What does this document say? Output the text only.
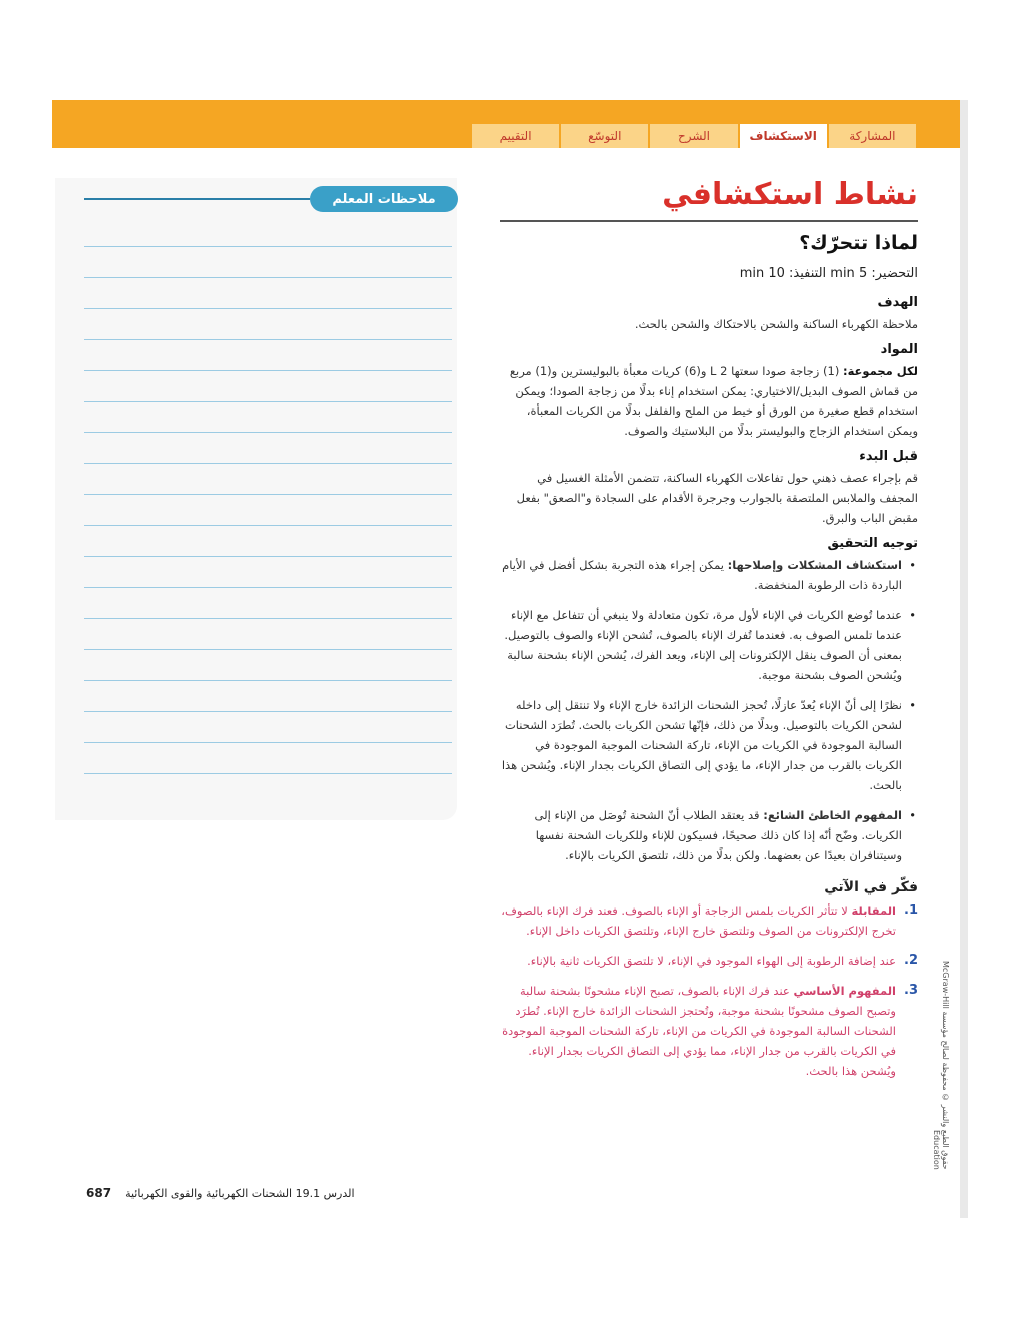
المشاركة
الاستكشاف
الشرح
التوسّع
التقييم
ملاحظات المعلم	نشاط استكشافي
لماذا تتحرّك؟
التحضير: 5 min التنفيذ: 10 min
الهدف

ملاحظة الكهرباء الساكنة والشحن بالاحتكاك والشحن بالحث.

المواد

لكل مجموعة: (1) زجاجة صودا سعتها 2 L و(6) كريات معبأة بالبوليسترين و(1) مربع من قماش الصوف البديل/الاختياري: يمكن استخدام إناء بدلًا من زجاجة الصودا؛ ويمكن استخدام قطع صغيرة من الورق أو خيط من الملح والفلفل بدلًا من الكريات المعبأة، ويمكن استخدام الزجاج والبوليستر بدلًا من البلاستيك والصوف.

قبل البدء

قم بإجراء عصف ذهني حول تفاعلات الكهرباء الساكنة، تتضمن الأمثلة الغسيل في المجفف والملابس الملتصقة بالجوارب وجرجرة الأقدام على السجادة و"الصعق" بفعل مقبض الباب والبرق.

توجيه التحقيق
• استكشاف المشكلات وإصلاحها: يمكن إجراء هذه التجربة بشكل أفضل في الأيام الباردة ذات الرطوبة المنخفضة.
• عندما تُوضع الكريات في الإناء لأول مرة، تكون متعادلة ولا ينبغي أن تتفاعل مع الإناء عندما تلمس الصوف به. فعندما تُفرك الإناء بالصوف، تُشحن الإناء والصوف بالتوصيل. بمعنى أن الصوف ينقل الإلكترونات إلى الإناء، ويعد الفرك، يُشحن الإناء بشحنة سالبة ويُشحن الصوف بشحنة موجبة.
• نظرًا إلى أنّ الإناء يُعدّ عازلًا، تُحجز الشحنات الزائدة خارج الإناء ولا تنتقل إلى داخله لشحن الكريات بالتوصيل. وبدلًا من ذلك، فإنّها تشحن الكريات بالحث. تُطرَد الشحنات السالبة الموجودة في الكريات من الإناء، تاركة الشحنات الموجبة الموجودة في الكريات بالقرب من جدار الإناء، ما يؤدي إلى التصاق الكريات بجدار الإناء. ويُشحن هذا بالحث.
• المفهوم الخاطئ الشائع: قد يعتقد الطلاب أنّ الشحنة تُوصَل من الإناء إلى الكريات. وضّح أنّه إذا كان ذلك صحيحًا، فسيكون للإناء وللكريات الشحنة نفسها وسيتنافران بعيدًا عن بعضهما. ولكن بدلًا من ذلك، تلتصق الكريات بالإناء.
فكّر في الآتي
1.
المقابلة لا تتأثر الكريات بلمس الزجاجة أو الإناء بالصوف. فعند فرك الإناء بالصوف، تخرج الإلكترونات من الصوف وتلتصق خارج الإناء، وتلتصق الكريات داخل الإناء.
2.
عند إضافة الرطوبة إلى الهواء الموجود في الإناء، لا تلتصق الكريات ثانية بالإناء.
3.
المفهوم الأساسي عند فرك الإناء بالصوف، تصبح الإناء مشحونًا بشحنة سالبة وتصبح الصوف مشحونًا بشحنة موجبة، وتُحتجز الشحنات الزائدة خارج الإناء. تُطرَد الشحنات السالبة الموجودة في الكريات من الإناء، تاركة الشحنات الموجبة الموجودة في الكريات بالقرب من جدار الإناء، مما يؤدي إلى التصاق الكريات بجدار الإناء. ويُشحن هذا بالحث.
حقوق الطبع والنشر © محفوظة لصالح مؤسسة McGraw-Hill Education
687 الدرس 19.1 الشحنات الكهربائية والقوى الكهربائية
